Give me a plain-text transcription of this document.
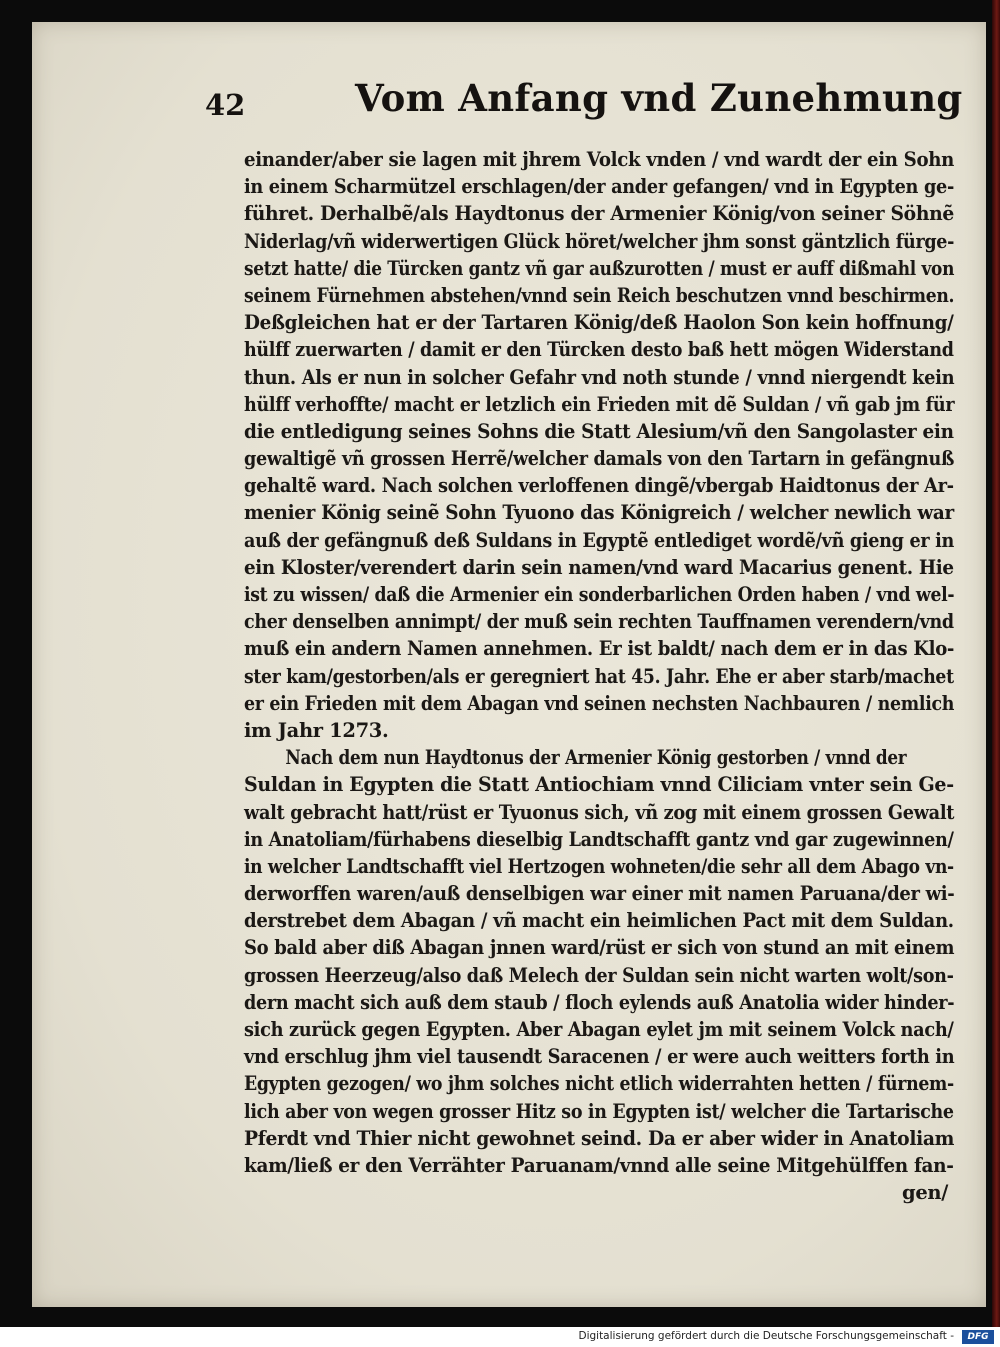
42	Vom Anfang vnd Zunehmung
einander/aber sie lagen mit jhrem Volck vnden / vnd wardt der ein Sohn
in einem Scharmützel erschlagen/der ander gefangen/ vnd in Egypten ge-
führet. Derhalbẽ/als Haydtonus der Armenier König/von seiner Söhnẽ
Niderlag/vñ widerwertigen Glück höret/welcher jhm sonst gäntzlich fürge-
setzt hatte/ die Türcken gantz vñ gar außzurotten / must er auff dißmahl von
seinem Fürnehmen abstehen/vnnd sein Reich beschutzen vnnd beschirmen.
Deßgleichen hat er der Tartaren König/deß Haolon Son kein hoffnung/
hülff zuerwarten / damit er den Türcken desto baß hett mögen Widerstand
thun. Als er nun in solcher Gefahr vnd noth stunde / vnnd niergendt kein
hülff verhoffte/ macht er letzlich ein Frieden mit dẽ Suldan / vñ gab jm für
die entledigung seines Sohns die Statt Alesium/vñ den Sangolaster ein
gewaltigẽ vñ grossen Herrẽ/welcher damals von den Tartarn in gefängnuß
gehaltẽ ward. Nach solchen verloffenen dingẽ/vbergab Haidtonus der Ar-
menier König seinẽ Sohn Tyuono das Königreich / welcher newlich war
auß der gefängnuß deß Suldans in Egyptẽ entlediget wordẽ/vñ gieng er in
ein Kloster/verendert darin sein namen/vnd ward Macarius genent. Hie
ist zu wissen/ daß die Armenier ein sonderbarlichen Orden haben / vnd wel-
cher denselben annimpt/ der muß sein rechten Tauffnamen verendern/vnd
muß ein andern Namen annehmen. Er ist baldt/ nach dem er in das Klo-
ster kam/gestorben/als er geregniert hat 45. Jahr. Ehe er aber starb/machet
er ein Frieden mit dem Abagan vnd seinen nechsten Nachbauren / nemlich
im Jahr 1273.
Nach dem nun Haydtonus der Armenier König gestorben / vnnd der
Suldan in Egypten die Statt Antiochiam vnnd Ciliciam vnter sein Ge-
walt gebracht hatt/rüst er Tyuonus sich, vñ zog mit einem grossen Gewalt
in Anatoliam/fürhabens dieselbig Landtschafft gantz vnd gar zugewinnen/
in welcher Landtschafft viel Hertzogen wohneten/die sehr all dem Abago vn-
derworffen waren/auß denselbigen war einer mit namen Paruana/der wi-
derstrebet dem Abagan / vñ macht ein heimlichen Pact mit dem Suldan.
So bald aber diß Abagan jnnen ward/rüst er sich von stund an mit einem
grossen Heerzeug/also daß Melech der Suldan sein nicht warten wolt/son-
dern macht sich auß dem staub / floch eylends auß Anatolia wider hinder-
sich zurück gegen Egypten. Aber Abagan eylet jm mit seinem Volck nach/
vnd erschlug jhm viel tausendt Saracenen / er were auch weitters forth in
Egypten gezogen/ wo jhm solches nicht etlich widerrahten hetten / fürnem-
lich aber von wegen grosser Hitz so in Egypten ist/ welcher die Tartarische
Pferdt vnd Thier nicht gewohnet seind. Da er aber wider in Anatoliam
kam/ließ er den Verrähter Paruanam/vnnd alle seine Mitgehülffen fan-
gen/
Digitalisierung gefördert durch die Deutsche Forschungsgemeinschaft -	DFG
